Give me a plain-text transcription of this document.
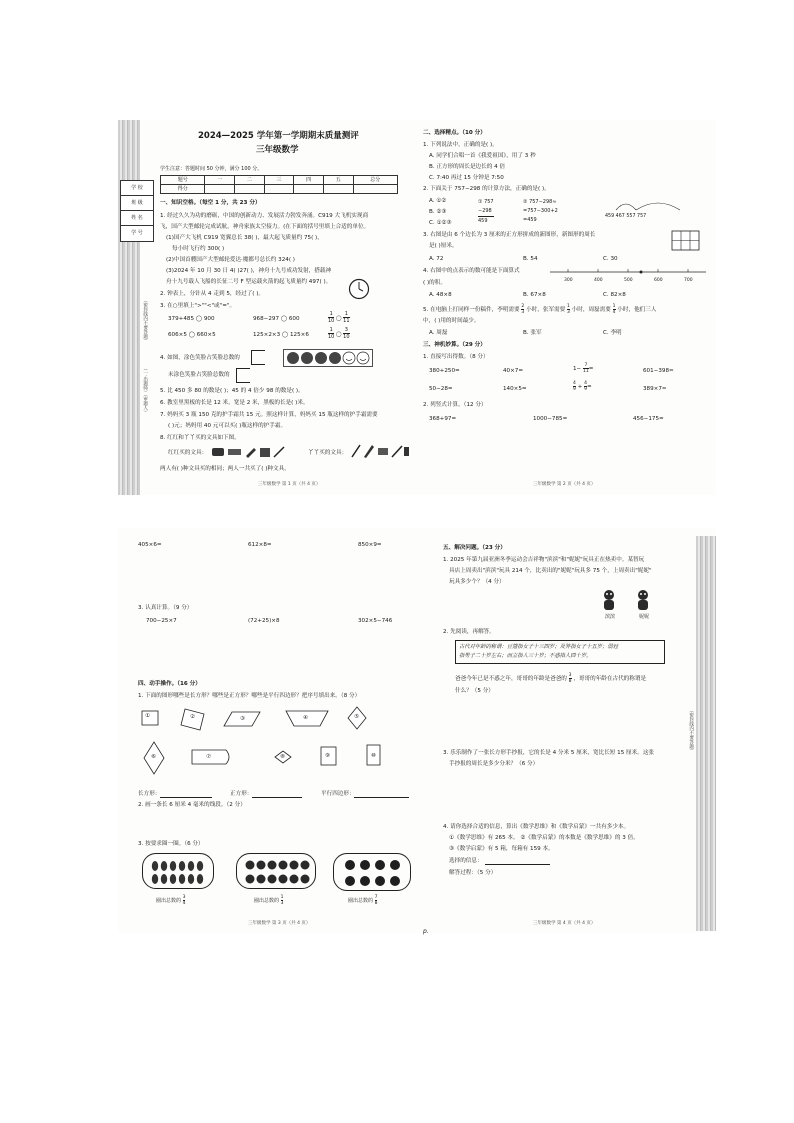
学 校
班 级
姓 名
学 号
（密封线内不要答题）
（一·出题师）（审题人）
2024—2025 学年第一学期期末质量测评
三年级数学
学生注意：答题时间 50 分钟，满分 100 分。
题号	一	二	三	四	五	总分
得分						
一、知识空格。（每空 1 分，共 23 分）
1. 经过久久为功的磨砺，中国的创新动力、发展活力勃发奔涌。C919 大飞机实现商
飞，国产大型邮轮完成试航，神舟家族太空接力。(在下面的括号里填上合适的单位。
(1)国产大飞机 C919 宽翼总长 38( )，最大起飞质量约 75( )，
每小时飞行约 300( )
(2)中国首艘国产大型邮轮爱达·魔都号总长约 324( )
(3)2024 年 10 月 30 日 4( )27( )，神舟十九号成功发射，搭载神
舟十九号载人飞船的长征二号 F 型运载火箭的起飞质量约 497( )。
2. 钟表上，分针从 4 走到 5，经过了( )。
3. 在○里填上">""<"或"="。
379+485 ◯ 900	968−297 ◯ 600	$\frac{1}{10}$ ◯ $\frac{1}{11}$
606×5 ◯ 660×5	125×2×3 ◯ 125×6	$\frac{1}{10}$ ◯ $\frac{3}{10}$
4. 如图，涂色笑脸占笑脸总数的
未涂色笑脸占笑脸总数的
5. 比 450 多 80 的数是( )；45 的 4 倍少 98 的数是( )。
6. 教室里黑板的长是 12 米，宽是 2 米，黑板的长是( )米。
7. 妈妈买 3 瓶 150 克的护手霜共 15 元。照这样计算，妈妈买 15 瓶这样的护手霜需要
( )元；妈妈用 40 元可以买( )瓶这样的护手霜。
8. 红红和丫丫买的文具如下图。
红红买的文具：	丫丫买的文具：
两人有( )种文具买的相同；两人一共买了( )种文具。
三年级数学 第 1 页（共 4 页）
二、选择精点。（10 分）
1. 下列说法中，正确的是( )。
A. 同学们合唱一首《我爱祖国》，用了 3 秒
B. 正方形的周长是边长的 4 倍
C. 7:40 再过 15 分钟是 7:50
2. 下面关于 757−298 的计算方法，正确的是( )。
A. ①②
B. ②③
C. ①②③
① 757
−298
459
② 757−298≈
=757−300+2
=459
459 467 557 757
3. 右图是由 6 个边长为 3 厘米的正方形拼成的新图形，新图形的周长
是( )厘米。
A. 72	B. 54	C. 30
4. 右图中的点表示的数可能是下面算式
( )的积。	300	400	500	600	700
A. 48×8	B. 67×8	C. 82×8
5. 在电脑上打同样一份稿件，李明需要 $\frac{2}{3}$ 小时，张军需要 $\frac{1}{3}$ 小时，周磊需要 $\frac{1}{4}$ 小时，他们三人
中，( )用的时间最少。
A. 周磊	B. 张军	C. 李明
三、神机妙算。（29 分）
1. 直接写出得数。（8 分）
380+250=	40×7=	$1- \frac{7}{11}$ =	601−398≈
50−28=	140×5=	$\frac{4}{9} + \frac{4}{9}$ =	389×7≈
2. 列竖式计算。（12 分）
368+97=	1000−785=	456−175=
三年级数学 第 2 页（共 4 页）
405×6=	612×8=	850×9=
3. 认真计算。（9 分）
700−25×7	(72+25)×8	302×5−746
四、动手操作。（16 分）
1. 下面的图形哪些是长方形？哪些是正方形？哪些是平行四边形？把序号填出来。（8 分）
①	②	③	④	⑤
⑥	⑦	⑧	⑨	⑩
长方形：	正方形：	平行四边形：
2. 画一条长 6 厘米 4 毫米的线段。（2 分）
3. 按要求圈一圈。（6 分）
圈出总数的 $\frac{3}{4}$	圈出总数的 $\frac{1}{3}$	圈出总数的 $\frac{7}{8}$
三年级数学 第 3 页（共 4 页）
p.
五、解决问题。（23 分）
1. 2025 年第九届亚洲冬季运动会吉祥物"滨滨"和"妮妮"玩具正在热卖中。某智玩
具店上周卖出"滨滨"玩具 214 个，比卖出的"妮妮"玩具多 75 个，上周卖出"妮妮"
玩具多少个？（4 分）
滨滨	妮妮
2. 先阅读，再解答。
古代对年龄的称谓：豆蔻指女子十三四岁；及笄指女子十五岁；弱冠
指男子二十岁左右；而立指人三十岁；不惑指人四十岁。
爸爸今年已是不惑之年，哥哥的年龄是爸爸的 $\frac{3}{8}$ ，哥哥的年龄在古代的称谓是
什么？（5 分）
3. 乐乐制作了一张长方形手抄报，它的长是 4 分米 5 厘米，宽比长短 15 厘米。这张
手抄报的周长是多少分米？（6 分）
4. 请你选择合适的信息，算出《数学思维》和《数学启蒙》一共有多少本。
①《数学思维》有 265 本。 ②《数学启蒙》的本数是《数学思维》的 3 倍。
③《数学启蒙》有 5 箱，每箱有 159 本。
选择的信息：
解答过程：（5 分）
三年级数学 第 4 页（共 4 页）
（密封线内不要答题）
